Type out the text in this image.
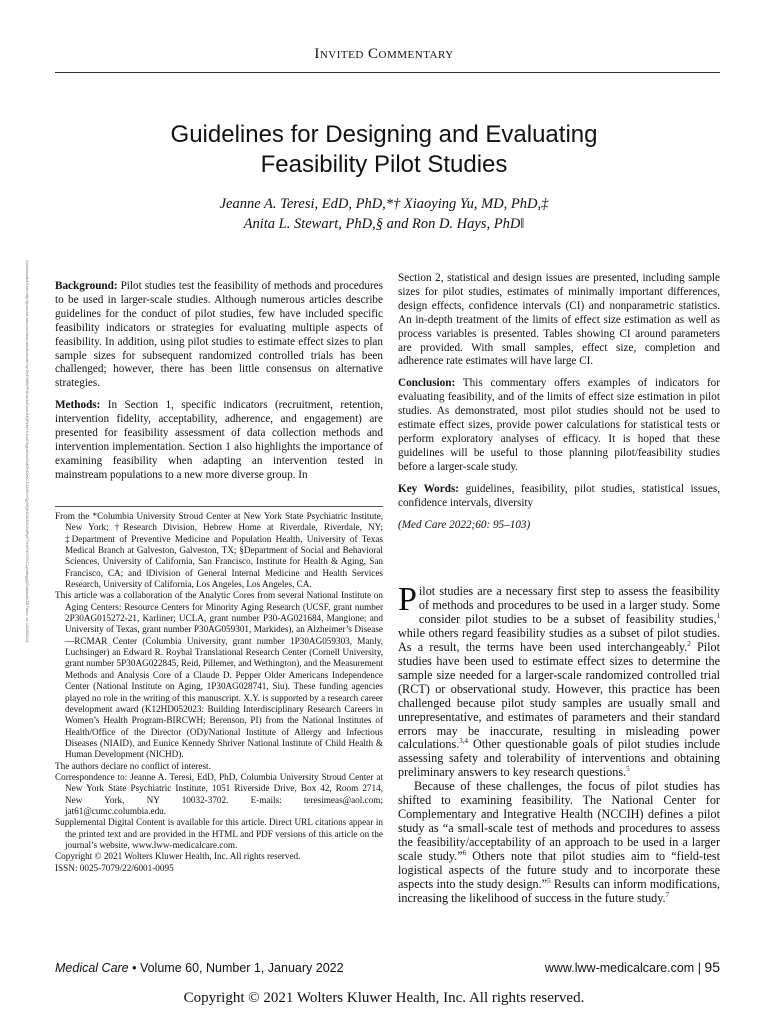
Invited Commentary
Guidelines for Designing and Evaluating
Feasibility Pilot Studies
Jeanne A. Teresi, EdD, PhD,*† Xiaoying Yu, MD, PhD,‡
Anita L. Stewart, PhD,§ and Ron D. Hays, PhD‖
Downloaded from http://journals.lww.com/lww-medicalcare by BhDMf5ePHKav1zEoum1tQfN4a+kJLhEZgbsIHo4XMi0hCywCX1AWnYQp/IlQrHD3i3D0OdRyi7TvSFl4Cf3VC1y0abggQZXdtwnfKZBYtws= on 12/08/2021 Background: Pilot studies test the feasibility of methods and procedures to be used in larger-scale studies. Although numerous articles describe guidelines for the conduct of pilot studies, few have included specific feasibility indicators or strategies for evaluating multiple aspects of feasibility. In addition, using pilot studies to estimate effect sizes to plan sample sizes for subsequent randomized controlled trials has been challenged; however, there has been little consensus on alternative strategies.

Methods: In Section 1, specific indicators (recruitment, retention, intervention fidelity, acceptability, adherence, and engagement) are presented for feasibility assessment of data collection methods and intervention implementation. Section 1 also highlights the importance of examining feasibility when adapting an intervention tested in mainstream populations to a new more diverse group. In

Section 2, statistical and design issues are presented, including sample sizes for pilot studies, estimates of minimally important differences, design effects, confidence intervals (CI) and nonparametric statistics. An in-depth treatment of the limits of effect size estimation as well as process variables is presented. Tables showing CI around parameters are provided. With small samples, effect size, completion and adherence rate estimates will have large CI.

Conclusion: This commentary offers examples of indicators for evaluating feasibility, and of the limits of effect size estimation in pilot studies. As demonstrated, most pilot studies should not be used to estimate effect sizes, provide power calculations for statistical tests or perform exploratory analyses of efficacy. It is hoped that these guidelines will be useful to those planning pilot/feasibility studies before a larger-scale study.

Key Words: guidelines, feasibility, pilot studies, statistical issues, confidence intervals, diversity

(Med Care 2022;60: 95–103)

From the *Columbia University Stroud Center at New York State Psychiatric Institute, New York; †Research Division, Hebrew Home at Riverdale, Riverdale, NY; ‡Department of Preventive Medicine and Population Health, University of Texas Medical Branch at Galveston, Galveston, TX; §Department of Social and Behavioral Sciences, University of California, San Francisco, Institute for Health & Aging, San Francisco, CA; and ‖Division of General Internal Medicine and Health Services Research, University of California, Los Angeles, Los Angeles, CA.

This article was a collaboration of the Analytic Cores from several National Institute on Aging Centers: Resource Centers for Minority Aging Research (UCSF, grant number 2P30AG015272-21, Karliner; UCLA, grant number P30-AG021684, Mangione; and University of Texas, grant number P30AG059301, Markides), an Alzheimer’s Disease—RCMAR Center (Columbia University, grant number 1P30AG059303, Manly, Luchsinger) an Edward R. Roybal Translational Research Center (Cornell University, grant number 5P30AG022845, Reid, Pillemer, and Wethington), and the Measurement Methods and Analysis Core of a Claude D. Pepper Older Americans Independence Center (National Institute on Aging, 1P30AG028741, Siu). These funding agencies played no role in the writing of this manuscript. X.Y. is supported by a research career development award (K12HD052023: Building Interdisciplinary Research Careers in Women’s Health Program-BIRCWH; Berenson, PI) from the National Institutes of Health/Office of the Director (OD)/National Institute of Allergy and Infectious Diseases (NIAID), and Eunice Kennedy Shriver National Institute of Child Health & Human Development (NICHD).

The authors declare no conflict of interest.

Correspondence to: Jeanne A. Teresi, EdD, PhD, Columbia University Stroud Center at New York State Psychiatric Institute, 1051 Riverside Drive, Box 42, Room 2714, New York, NY 10032-3702. E-mails: teresimeas@aol.com; jat61@cumc.columbia.edu.

Supplemental Digital Content is available for this article. Direct URL citations appear in the printed text and are provided in the HTML and PDF versions of this article on the journal’s website, www.lww-medicalcare.com.

Copyright © 2021 Wolters Kluwer Health, Inc. All rights reserved.

ISSN: 0025-7079/22/6001-0095

Pilot studies are a necessary first step to assess the feasibility of methods and procedures to be used in a larger study. Some consider pilot studies to be a subset of feasibility studies,$^1$ while others regard feasibility studies as a subset of pilot studies. As a result, the terms have been used interchangeably.$^2$ Pilot studies have been used to estimate effect sizes to determine the sample size needed for a larger-scale randomized controlled trial (RCT) or observational study. However, this practice has been challenged because pilot study samples are usually small and unrepresentative, and estimates of parameters and their standard errors may be inaccurate, resulting in misleading power calculations.$^{3,4}$ Other questionable goals of pilot studies include assessing safety and tolerability of interventions and obtaining preliminary answers to key research questions.$^5$

Because of these challenges, the focus of pilot studies has shifted to examining feasibility. The National Center for Complementary and Integrative Health (NCCIH) defines a pilot study as “a small-scale test of methods and procedures to assess the feasibility/acceptability of an approach to be used in a larger scale study.”$^6$ Others note that pilot studies aim to “field-test logistical aspects of the future study and to incorporate these aspects into the study design.”$^5$ Results can inform modifications, increasing the likelihood of success in the future study.$^7$

Medical Care • Volume 60, Number 1, January 2022	www.lww-medicalcare.com | 95
Copyright © 2021 Wolters Kluwer Health, Inc. All rights reserved.
